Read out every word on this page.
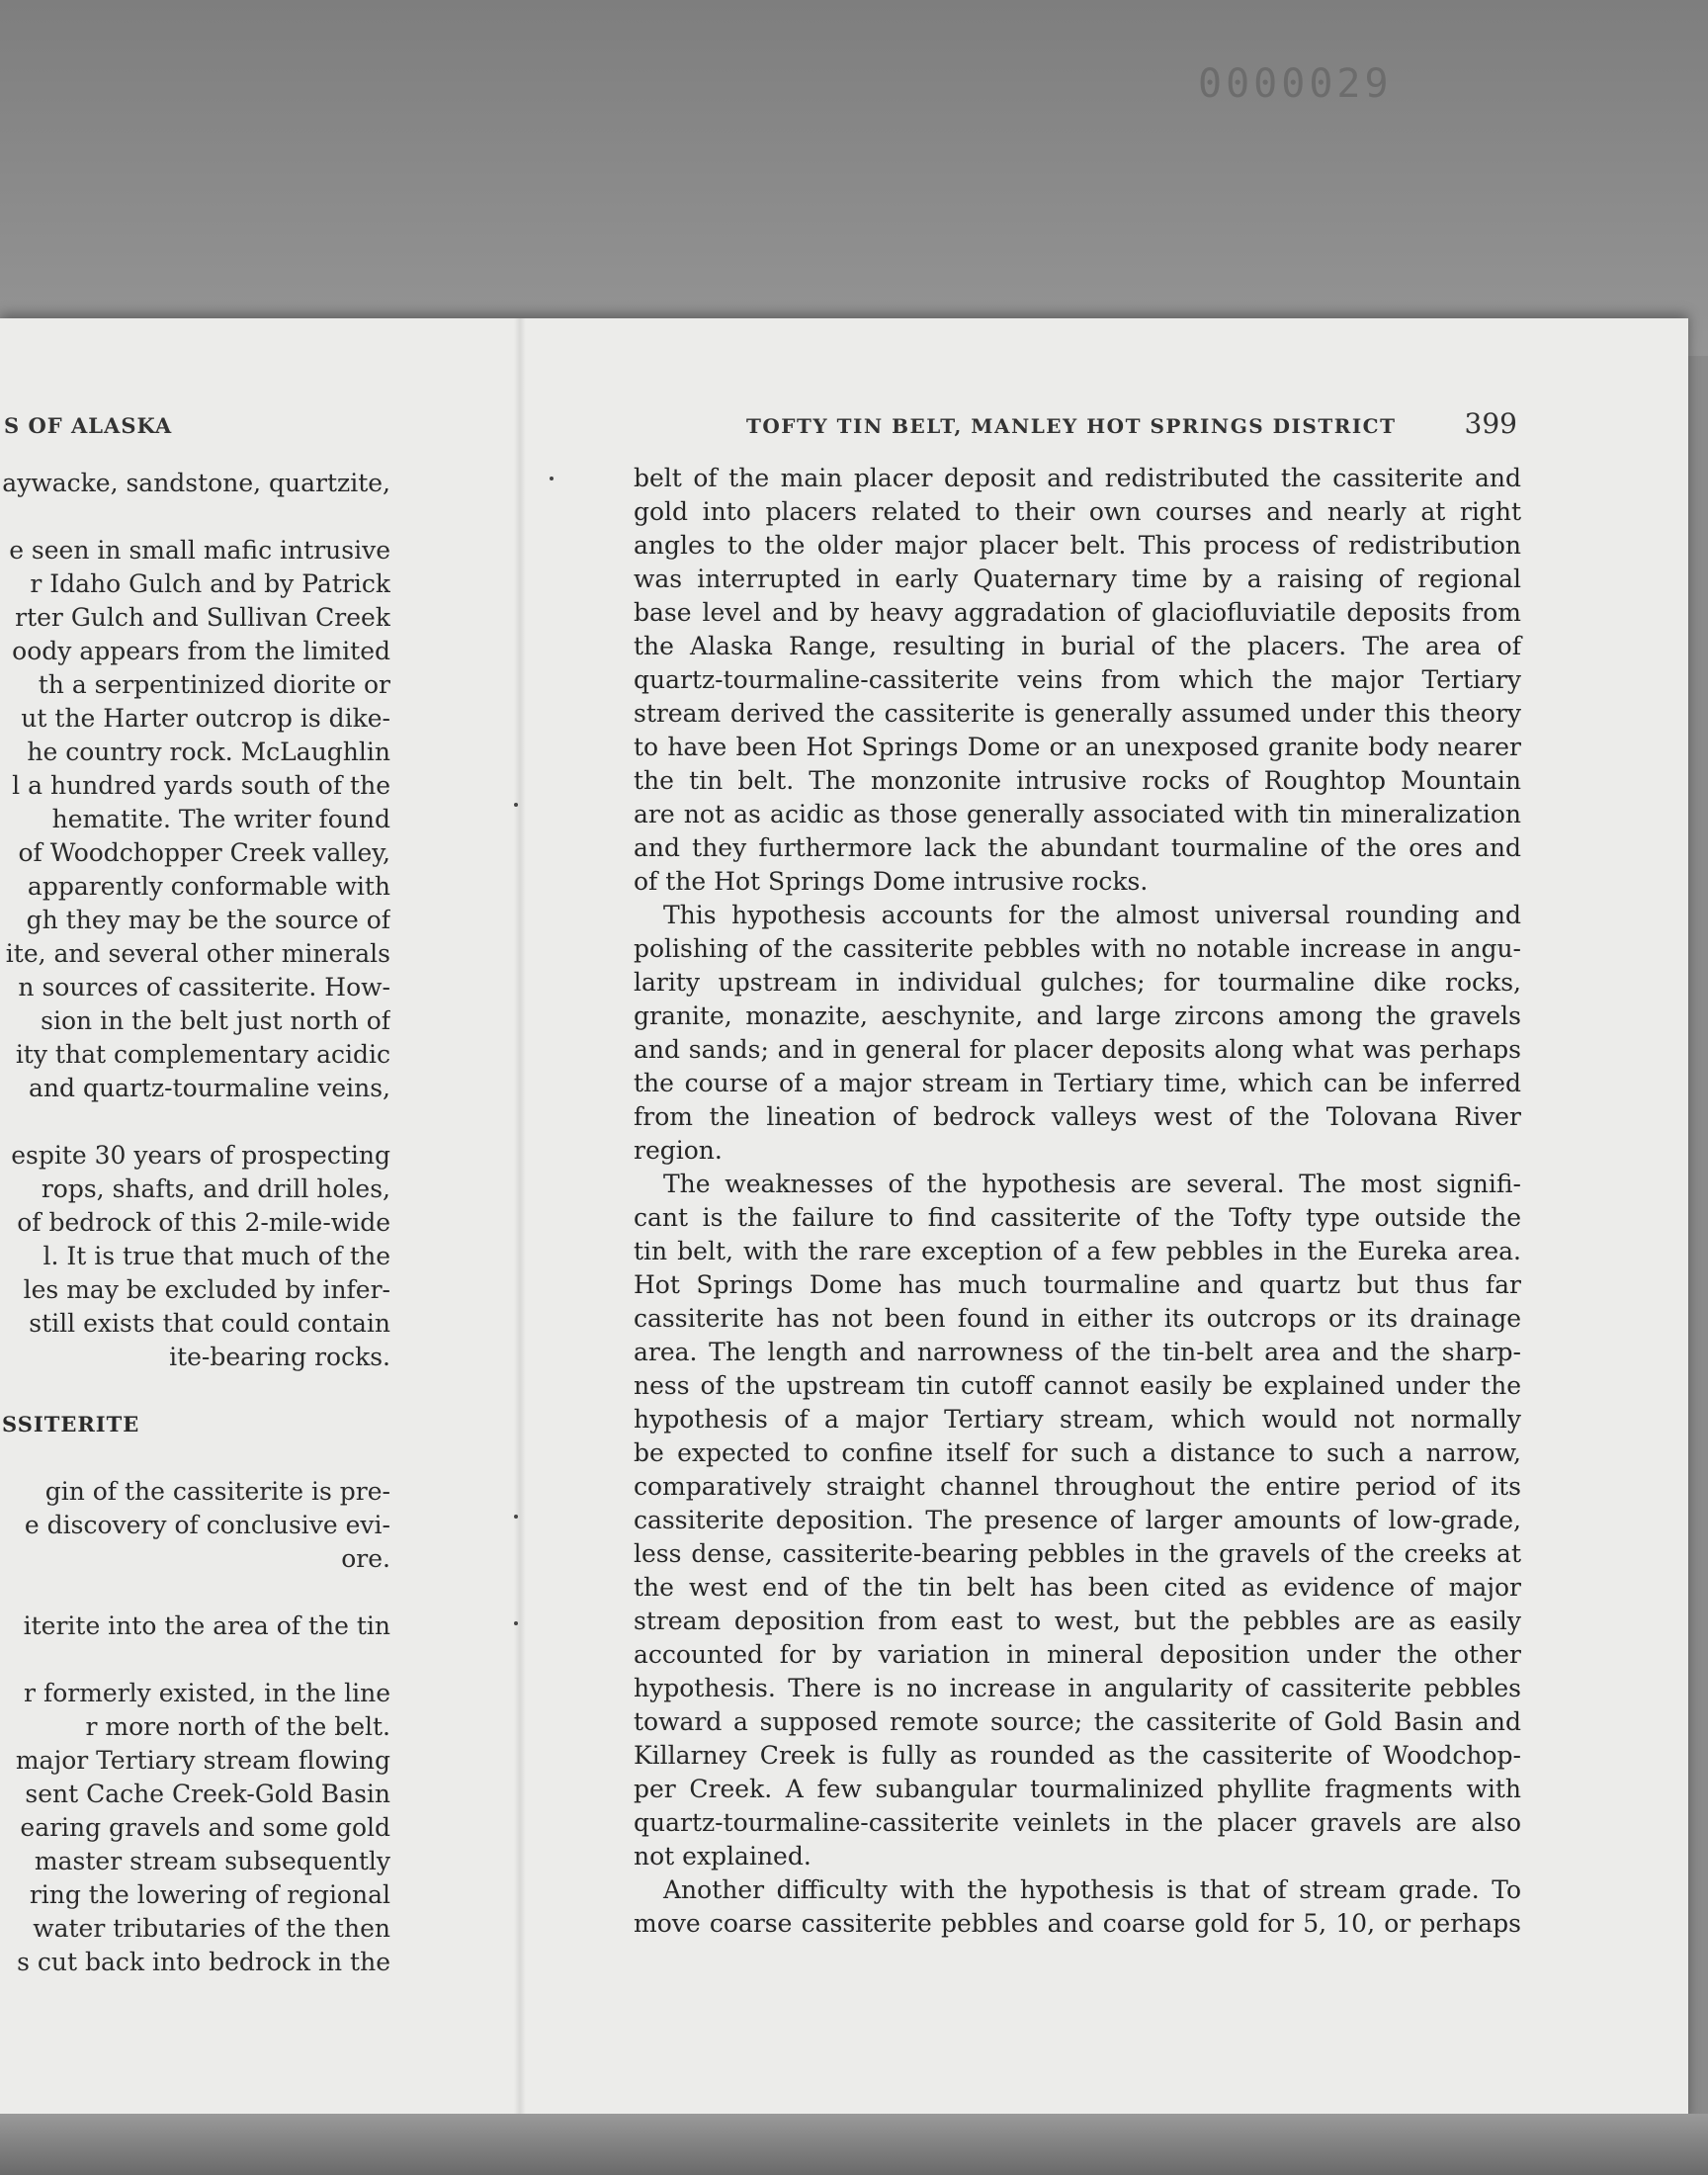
0000029
S OF ALASKA
aywacke, sandstone, quartzite,
e seen in small mafic intrusive
r Idaho Gulch and by Patrick
rter Gulch and Sullivan Creek
oody appears from the limited
th a serpentinized diorite or
ut the Harter outcrop is dike-
he country rock. McLaughlin
l a hundred yards south of the
hematite. The writer found
of Woodchopper Creek valley,
apparently conformable with
gh they may be the source of
ite, and several other minerals
n sources of cassiterite. How-
sion in the belt just north of
ity that complementary acidic
and quartz-tourmaline veins,
espite 30 years of prospecting
rops, shafts, and drill holes,
of bedrock of this 2-mile-wide
l. It is true that much of the
les may be excluded by infer-
still exists that could contain
ite-bearing rocks.
SSITERITE
gin of the cassiterite is pre-
e discovery of conclusive evi-
ore.
iterite into the area of the tin
r formerly existed, in the line
r more north of the belt.
major Tertiary stream flowing
sent Cache Creek-Gold Basin
earing gravels and some gold
master stream subsequently
ring the lowering of regional
water tributaries of the then
s cut back into bedrock in the
TOFTY TIN BELT, MANLEY HOT SPRINGS DISTRICT 399
belt of the main placer deposit and redistributed the cassiterite and
gold into placers related to their own courses and nearly at right
angles to the older major placer belt. This process of redistribution
was interrupted in early Quaternary time by a raising of regional
base level and by heavy aggradation of glaciofluviatile deposits from
the Alaska Range, resulting in burial of the placers. The area of
quartz-tourmaline-cassiterite veins from which the major Tertiary
stream derived the cassiterite is generally assumed under this theory
to have been Hot Springs Dome or an unexposed granite body nearer
the tin belt. The monzonite intrusive rocks of Roughtop Mountain
are not as acidic as those generally associated with tin mineralization
and they furthermore lack the abundant tourmaline of the ores and
of the Hot Springs Dome intrusive rocks.
This hypothesis accounts for the almost universal rounding and
polishing of the cassiterite pebbles with no notable increase in angu-
larity upstream in individual gulches; for tourmaline dike rocks,
granite, monazite, aeschynite, and large zircons among the gravels
and sands; and in general for placer deposits along what was perhaps
the course of a major stream in Tertiary time, which can be inferred
from the lineation of bedrock valleys west of the Tolovana River
region.
The weaknesses of the hypothesis are several. The most signifi-
cant is the failure to find cassiterite of the Tofty type outside the
tin belt, with the rare exception of a few pebbles in the Eureka area.
Hot Springs Dome has much tourmaline and quartz but thus far
cassiterite has not been found in either its outcrops or its drainage
area. The length and narrowness of the tin-belt area and the sharp-
ness of the upstream tin cutoff cannot easily be explained under the
hypothesis of a major Tertiary stream, which would not normally
be expected to confine itself for such a distance to such a narrow,
comparatively straight channel throughout the entire period of its
cassiterite deposition. The presence of larger amounts of low-grade,
less dense, cassiterite-bearing pebbles in the gravels of the creeks at
the west end of the tin belt has been cited as evidence of major
stream deposition from east to west, but the pebbles are as easily
accounted for by variation in mineral deposition under the other
hypothesis. There is no increase in angularity of cassiterite pebbles
toward a supposed remote source; the cassiterite of Gold Basin and
Killarney Creek is fully as rounded as the cassiterite of Woodchop-
per Creek. A few subangular tourmalinized phyllite fragments with
quartz-tourmaline-cassiterite veinlets in the placer gravels are also
not explained.
Another difficulty with the hypothesis is that of stream grade. To
move coarse cassiterite pebbles and coarse gold for 5, 10, or perhaps
